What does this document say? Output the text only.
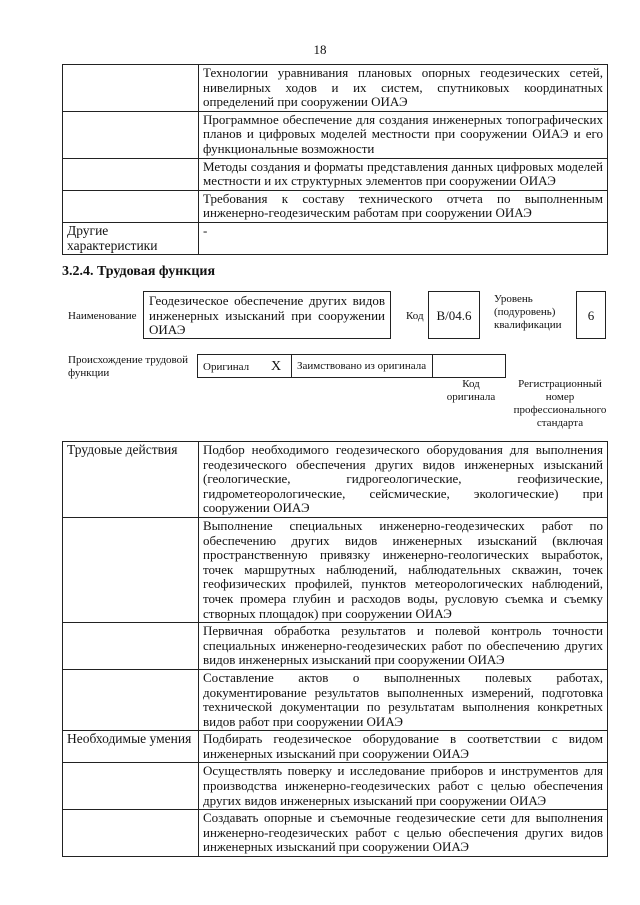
18
	Технологии уравнивания плановых опорных геодезических сетей, нивелирных ходов и их систем, спутниковых координатных определений при сооружении ОИАЭ
	Программное обеспечение для создания инженерных топографических планов и цифровых моделей местности при сооружении ОИАЭ и его функциональные возможности
	Методы создания и форматы представления данных цифровых моделей местности и их структурных элементов при сооружении ОИАЭ
	Требования к составу технического отчета по выполненным инженерно-геодезическим работам при сооружении ОИАЭ
Другие характеристики	-
3.2.4. Трудовая функция
Наименование
Геодезическое обеспечение других видов инженерных изысканий при сооружении ОИАЭ
Код B/04.6
Уровень (подуровень) квалификации
6
Происхождение трудовой функции	Оригинал X Заимствовано из оригинала
Код оригинала
Регистрационный номер профессионального стандарта
Трудовые действия	Подбор необходимого геодезического оборудования для выполнения геодезического обеспечения других видов инженерных изысканий (геологические, гидрогеологические, геофизические, гидрометеорологические, сейсмические, экологические) при сооружении ОИАЭ
	Выполнение специальных инженерно-геодезических работ по обеспечению других видов инженерных изысканий (включая пространственную привязку инженерно-геологических выработок, точек маршрутных наблюдений, наблюдательных скважин, точек геофизических профилей, пунктов метеорологических наблюдений, точек промера глубин и расходов воды, русловую съемка и съемку створных площадок) при сооружении ОИАЭ
	Первичная обработка результатов и полевой контроль точности специальных инженерно-геодезических работ по обеспечению других видов инженерных изысканий при сооружении ОИАЭ
	Составление актов о выполненных полевых работах, документирование результатов выполненных измерений, подготовка технической документации по результатам выполнения конкретных видов работ при сооружении ОИАЭ
Необходимые умения	Подбирать геодезическое оборудование в соответствии с видом инженерных изысканий при сооружении ОИАЭ
	Осуществлять поверку и исследование приборов и инструментов для производства инженерно-геодезических работ с целью обеспечения других видов инженерных изысканий при сооружении ОИАЭ
	Создавать опорные и съемочные геодезические сети для выполнения инженерно-геодезических работ с целью обеспечения других видов инженерных изысканий при сооружении ОИАЭ
